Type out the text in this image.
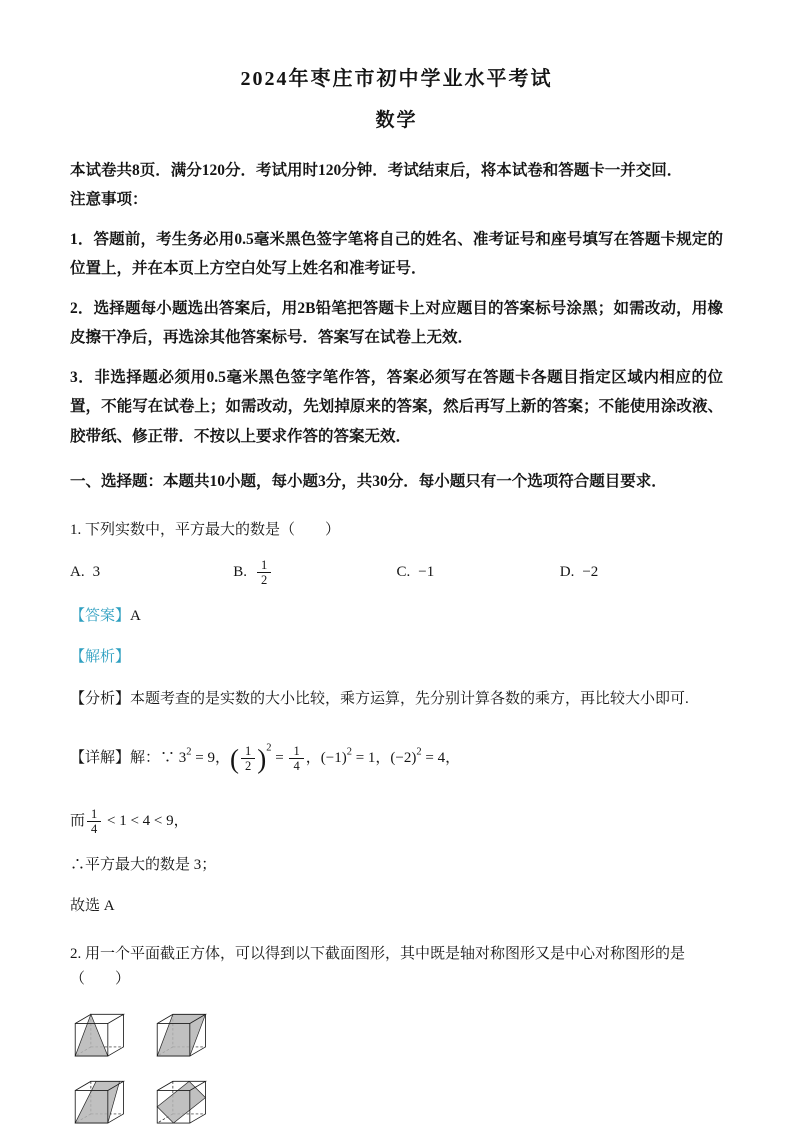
2024年枣庄市初中学业水平考试
数学

本试卷共8页．满分120分．考试用时120分钟．考试结束后，将本试卷和答题卡一并交回．

注意事项：

1．答题前，考生务必用0.5毫米黑色签字笔将自己的姓名、准考证号和座号填写在答题卡规定的位置上，并在本页上方空白处写上姓名和准考证号．

2．选择题每小题选出答案后，用2B铅笔把答题卡上对应题目的答案标号涂黑；如需改动，用橡皮擦干净后，再选涂其他答案标号．答案写在试卷上无效．

3．非选择题必须用0.5毫米黑色签字笔作答，答案必须写在答题卡各题目指定区域内相应的位置，不能写在试卷上；如需改动，先划掉原来的答案，然后再写上新的答案；不能使用涂改液、胶带纸、修正带．不按以上要求作答的答案无效．

一、选择题：本题共10小题，每小题3分，共30分．每小题只有一个选项符合题目要求．

1. 下列实数中，平方最大的数是（　　）

A. 3	B. $\frac{1}{2}$	C. −1	D. −2

【答案】A

【解析】

【分析】本题考查的是实数的大小比较，乘方运算，先分别计算各数的乘方，再比较大小即可.

【详解】解：∵ $3^2 = 9$，( $\frac{1}{2} )^2 = \frac{1}{4}$ ，$(-1)^2 = 1$，$(-2)^2 = 4$，

而 $\frac{1}{4} < 1 < 4 < 9$，

∴平方最大的数是 3；

故选 A

2. 用一个平面截正方体，可以得到以下截面图形，其中既是轴对称图形又是中心对称图形的是（　　）
